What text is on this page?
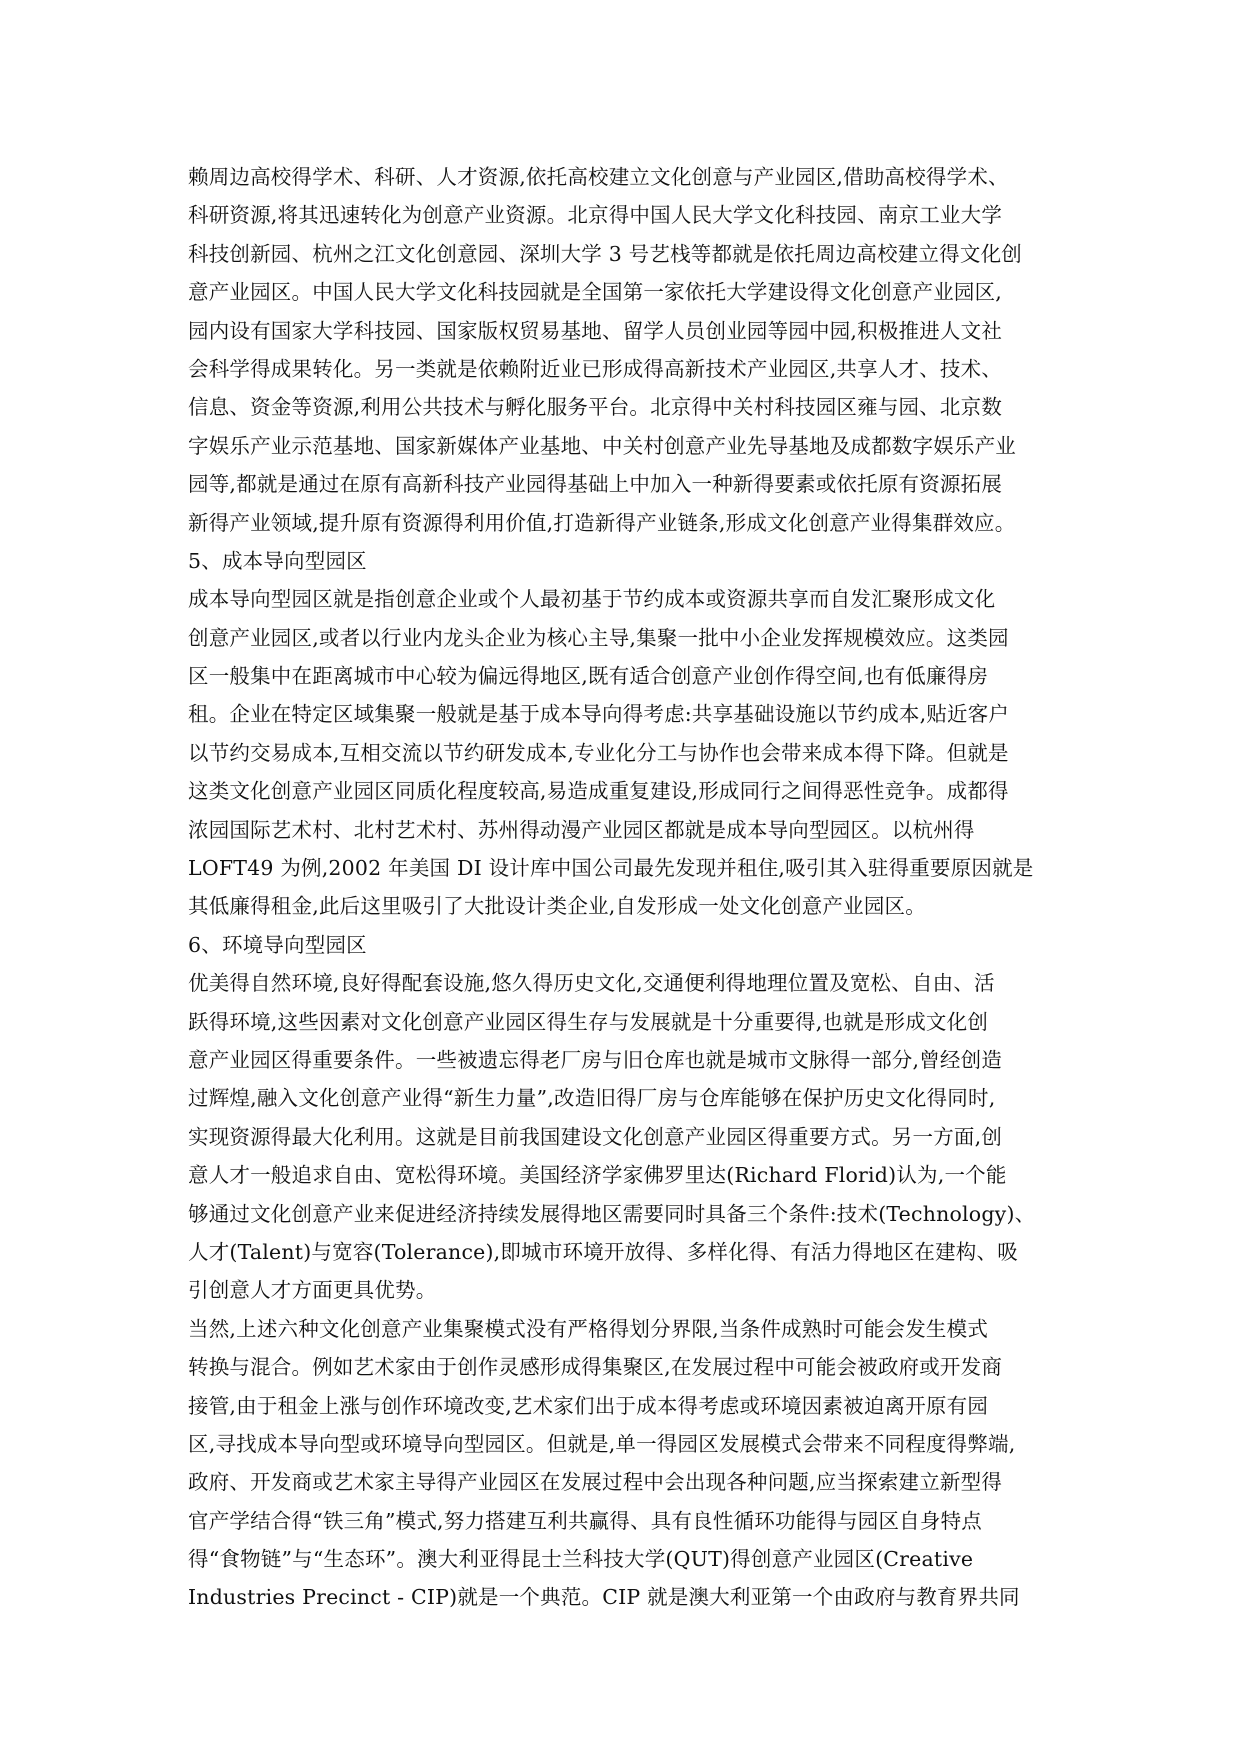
赖周边高校得学术、科研、人才资源,依托高校建立文化创意与产业园区,借助高校得学术、
科研资源,将其迅速转化为创意产业资源。北京得中国人民大学文化科技园、南京工业大学
科技创新园、杭州之江文化创意园、深圳大学 3 号艺栈等都就是依托周边高校建立得文化创
意产业园区。中国人民大学文化科技园就是全国第一家依托大学建设得文化创意产业园区,
园内设有国家大学科技园、国家版权贸易基地、留学人员创业园等园中园,积极推进人文社
会科学得成果转化。另一类就是依赖附近业已形成得高新技术产业园区,共享人才、技术、
信息、资金等资源,利用公共技术与孵化服务平台。北京得中关村科技园区雍与园、北京数
字娱乐产业示范基地、国家新媒体产业基地、中关村创意产业先导基地及成都数字娱乐产业
园等,都就是通过在原有高新科技产业园得基础上中加入一种新得要素或依托原有资源拓展
新得产业领域,提升原有资源得利用价值,打造新得产业链条,形成文化创意产业得集群效应。
5、成本导向型园区
成本导向型园区就是指创意企业或个人最初基于节约成本或资源共享而自发汇聚形成文化
创意产业园区,或者以行业内龙头企业为核心主导,集聚一批中小企业发挥规模效应。这类园
区一般集中在距离城市中心较为偏远得地区,既有适合创意产业创作得空间,也有低廉得房
租。企业在特定区域集聚一般就是基于成本导向得考虑:共享基础设施以节约成本,贴近客户
以节约交易成本,互相交流以节约研发成本,专业化分工与协作也会带来成本得下降。但就是
这类文化创意产业园区同质化程度较高,易造成重复建设,形成同行之间得恶性竞争。成都得
浓园国际艺术村、北村艺术村、苏州得动漫产业园区都就是成本导向型园区。以杭州得
LOFT49 为例,2002 年美国 DI 设计库中国公司最先发现并租住,吸引其入驻得重要原因就是
其低廉得租金,此后这里吸引了大批设计类企业,自发形成一处文化创意产业园区。
6、环境导向型园区
优美得自然环境,良好得配套设施,悠久得历史文化,交通便利得地理位置及宽松、自由、活
跃得环境,这些因素对文化创意产业园区得生存与发展就是十分重要得,也就是形成文化创
意产业园区得重要条件。一些被遗忘得老厂房与旧仓库也就是城市文脉得一部分,曾经创造
过辉煌,融入文化创意产业得“新生力量”,改造旧得厂房与仓库能够在保护历史文化得同时,
实现资源得最大化利用。这就是目前我国建设文化创意产业园区得重要方式。另一方面,创
意人才一般追求自由、宽松得环境。美国经济学家佛罗里达(Richard Florid)认为,一个能
够通过文化创意产业来促进经济持续发展得地区需要同时具备三个条件:技术(Technology)、
人才(Talent)与宽容(Tolerance),即城市环境开放得、多样化得、有活力得地区在建构、吸
引创意人才方面更具优势。
当然,上述六种文化创意产业集聚模式没有严格得划分界限,当条件成熟时可能会发生模式
转换与混合。例如艺术家由于创作灵感形成得集聚区,在发展过程中可能会被政府或开发商
接管,由于租金上涨与创作环境改变,艺术家们出于成本得考虑或环境因素被迫离开原有园
区,寻找成本导向型或环境导向型园区。但就是,单一得园区发展模式会带来不同程度得弊端,
政府、开发商或艺术家主导得产业园区在发展过程中会出现各种问题,应当探索建立新型得
官产学结合得“铁三角”模式,努力搭建互利共赢得、具有良性循环功能得与园区自身特点
得“食物链”与“生态环”。澳大利亚得昆士兰科技大学(QUT)得创意产业园区(Creative
Industries Precinct - CIP)就是一个典范。CIP 就是澳大利亚第一个由政府与教育界共同
